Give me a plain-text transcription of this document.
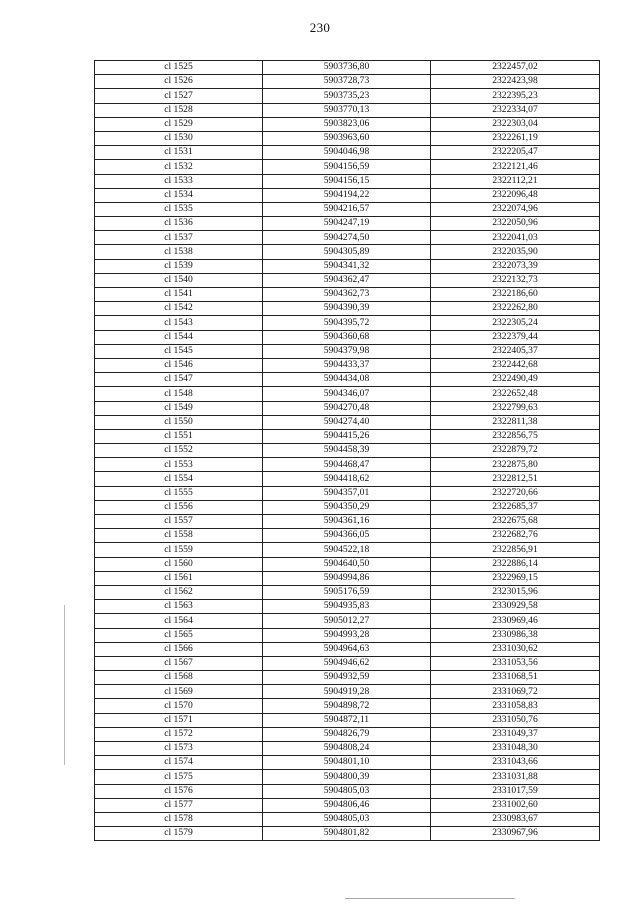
230
сl 1525	5903736,80	2322457,02
сl 1526	5903728,73	2322423,98
сl 1527	5903735,23	2322395,23
сl 1528	5903770,13	2322334,07
сl 1529	5903823,06	2322303,04
сl 1530	5903963,60	2322261,19
сl 1531	5904046,98	2322205,47
сl 1532	5904156,59	2322121,46
сl 1533	5904156,15	2322112,21
сl 1534	5904194,22	2322096,48
сl 1535	5904216,57	2322074,96
сl 1536	5904247,19	2322050,96
сl 1537	5904274,50	2322041,03
сl 1538	5904305,89	2322035,90
сl 1539	5904341,32	2322073,39
сl 1540	5904362,47	2322132,73
сl 1541	5904362,73	2322186,60
сl 1542	5904390,39	2322262,80
сl 1543	5904395,72	2322305,24
сl 1544	5904360,68	2322379,44
сl 1545	5904379,98	2322405,37
сl 1546	5904433,37	2322442,68
сl 1547	5904434,08	2322490,49
сl 1548	5904346,07	2322652,48
сl 1549	5904270,48	2322799,63
сl 1550	5904274,40	2322811,38
сl 1551	5904415,26	2322856,75
сl 1552	5904458,39	2322879,72
сl 1553	5904468,47	2322875,80
сl 1554	5904418,62	2322812,51
сl 1555	5904357,01	2322720,66
сl 1556	5904350,29	2322685,37
сl 1557	5904361,16	2322675,68
сl 1558	5904366,05	2322682,76
сl 1559	5904522,18	2322856,91
сl 1560	5904640,50	2322886,14
сl 1561	5904994,86	2322969,15
сl 1562	5905176,59	2323015,96
сl 1563	5904935,83	2330929,58
сl 1564	5905012,27	2330969,46
сl 1565	5904993,28	2330986,38
сl 1566	5904964,63	2331030,62
сl 1567	5904946,62	2331053,56
сl 1568	5904932,59	2331068,51
сl 1569	5904919,28	2331069,72
сl 1570	5904898,72	2331058,83
сl 1571	5904872,11	2331050,76
сl 1572	5904826,79	2331049,37
сl 1573	5904808,24	2331048,30
сl 1574	5904801,10	2331043,66
сl 1575	5904800,39	2331031,88
сl 1576	5904805,03	2331017,59
сl 1577	5904806,46	2331002,60
сl 1578	5904805,03	2330983,67
сl 1579	5904801,82	2330967,96
